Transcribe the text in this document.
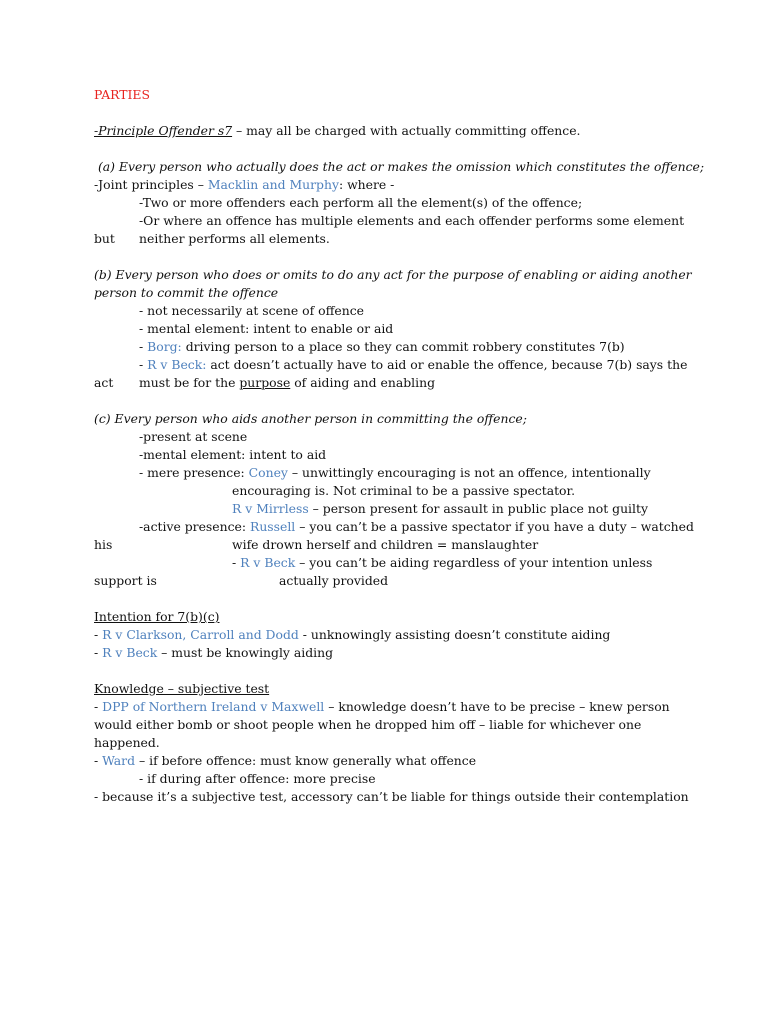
PARTIES
-Principle Offender s7 – may all be charged with actually committing offence.
(a) Every person who actually does the act or makes the omission which constitutes the offence;
-Joint principles – Macklin and Murphy: where -
-Two or more offenders each perform all the element(s) of the offence;
-Or where an offence has multiple elements and each offender performs some element
but neither performs all elements.
(b) Every person who does or omits to do any act for the purpose of enabling or aiding another
person to commit the offence
- not necessarily at scene of offence
- mental element: intent to enable or aid
- Borg: driving person to a place so they can commit robbery constitutes 7(b)
- R v Beck: act doesn’t actually have to aid or enable the offence, because 7(b) says the
act must be for the purpose of aiding and enabling
(c) Every person who aids another person in committing the offence;
-present at scene
-mental element: intent to aid
- mere presence: Coney – unwittingly encouraging is not an offence, intentionally
encouraging is. Not criminal to be a passive spectator.
R v Mirrless – person present for assault in public place not guilty
-active presence: Russell – you can’t be a passive spectator if you have a duty – watched
his	wife drown herself and children = manslaughter
- R v Beck – you can’t be aiding regardless of your intention unless
support is	actually provided
Intention for 7(b)(c)
- R v Clarkson, Carroll and Dodd - unknowingly assisting doesn’t constitute aiding
- R v Beck – must be knowingly aiding
Knowledge – subjective test
- DPP of Northern Ireland v Maxwell – knowledge doesn’t have to be precise – knew person
would either bomb or shoot people when he dropped him off – liable for whichever one
happened.
- Ward – if before offence: must know generally what offence
- if during after offence: more precise
- because it’s a subjective test, accessory can’t be liable for things outside their contemplation
